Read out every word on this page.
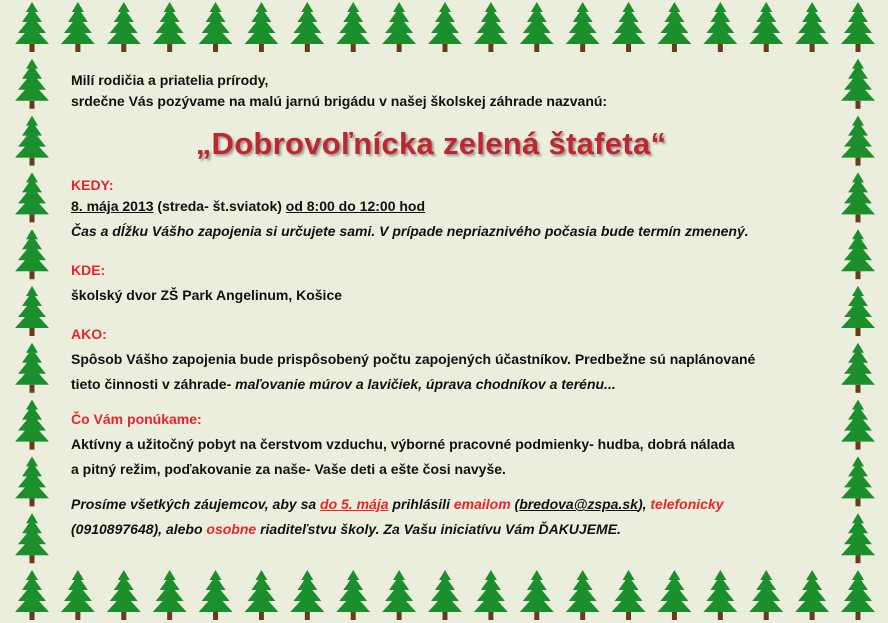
Milí rodičia a priatelia prírody,

srdečne Vás pozývame na malú jarnú brigádu v našej školskej záhrade nazvanú:

„Dobrovoľnícka zelená štafeta“

KEDY:

8. mája 2013 (streda- št.sviatok) od 8:00 do 12:00 hod

Čas a dĺžku Vášho zapojenia si určujete sami. V prípade nepriaznivého počasia bude termín zmenený.

KDE:

školský dvor ZŠ Park Angelinum, Košice

AKO:

Spôsob Vášho zapojenia bude prispôsobený počtu zapojených účastníkov. Predbežne sú naplánované

tieto činnosti v záhrade- maľovanie múrov a lavičiek, úprava chodníkov a terénu...

Čo Vám ponúkame:

Aktívny a užitočný pobyt na čerstvom vzduchu, výborné pracovné podmienky- hudba, dobrá nálada

a pitný režim, poďakovanie za naše- Vaše deti a ešte čosi navyše.

Prosíme všetkých záujemcov, aby sa do 5. mája prihlásili emailom (bredova@zspa.sk), telefonicky

(0910897648), alebo osobne riaditeľstvu školy. Za Vašu iniciatívu Vám ĎAKUJEME.
